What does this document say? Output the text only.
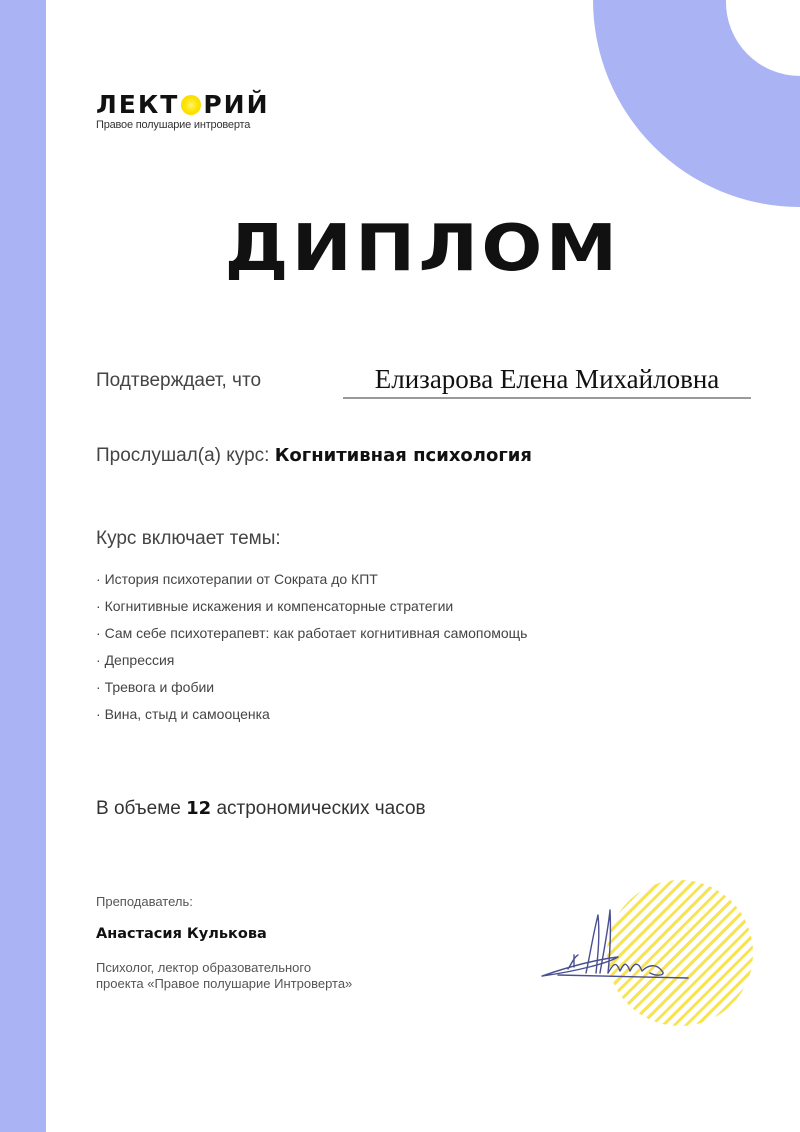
ЛЕКТ РИЙ
Правое полушарие интроверта
ДИПЛОМ
Подтверждает, что	Елизарова Елена Михайловна
Прослушал(а) курс: Когнитивная психология
Курс включает темы:
· История психотерапии от Сократа до КПТ
· Когнитивные искажения и компенсаторные стратегии
· Сам себе психотерапевт: как работает когнитивная самопомощь
· Депрессия
· Тревога и фобии
· Вина, стыд и самооценка
В объеме 12 астрономических часов
Преподаватель:
Анастасия Кулькова
Психолог, лектор образовательного
проекта «Правое полушарие Интроверта»
